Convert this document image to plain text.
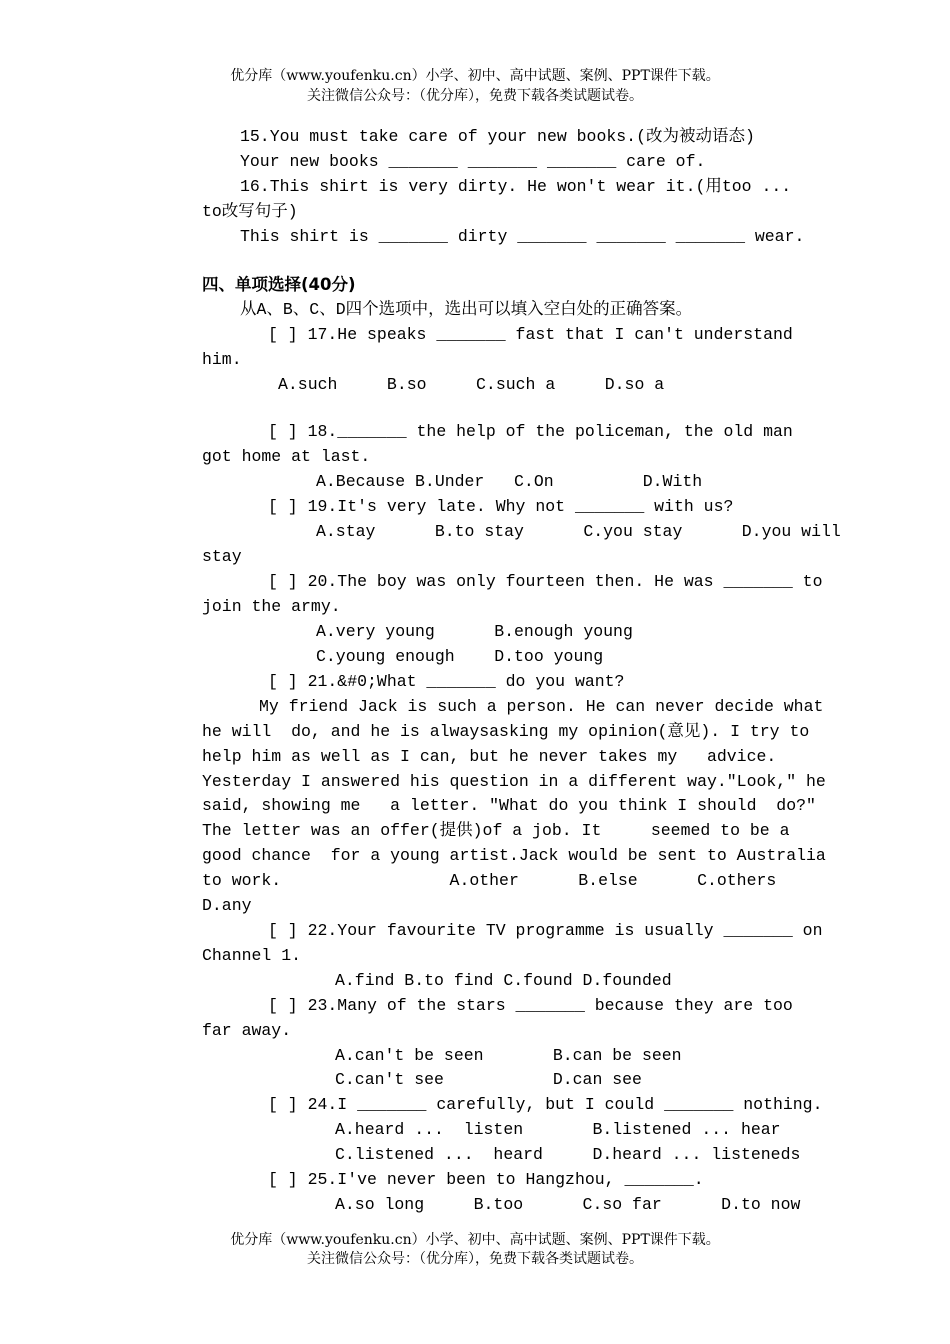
优分库（www.youfenku.cn）小学、初中、高中试题、案例、PPT课件下载。
关注微信公众号：（优分库），免费下载各类试题试卷。
15.You must take care of your new books.(改为被动语态)
Your new books _______ _______ _______ care of.
16.This shirt is very dirty. He won't wear it.(用too ...
to改写句子)
This shirt is _______ dirty _______ _______ _______ wear.
四、单项选择(40分)
从A、B、C、D四个选项中，选出可以填入空白处的正确答案。
[ ] 17.He speaks _______ fast that I can't understand
him.
A.such     B.so     C.such a     D.so a
[ ] 18._______ the help of the policeman, the old man
got home at last.
A.Because B.Under   C.On         D.With
[ ] 19.It's very late. Why not _______ with us?
A.stay      B.to stay      C.you stay      D.you will
stay
[ ] 20.The boy was only fourteen then. He was _______ to
join the army.
A.very young      B.enough young
C.young enough    D.too young
[ ] 21.&#0;What _______ do you want?
My friend Jack is such a person. He can never decide what
he will  do, and he is alwaysasking my opinion(意见). I try to
help him as well as I can, but he never takes my   advice.
Yesterday I answered his question in a different way."Look," he
said, showing me   a letter. "What do you think I should  do?"
The letter was an offer(提供)of a job. It     seemed to be a
good chance  for a young artist.Jack would be sent to Australia
to work.                 A.other      B.else      C.others
D.any
[ ] 22.Your favourite TV programme is usually _______ on
Channel 1.
A.find B.to find C.found D.founded
[ ] 23.Many of the stars _______ because they are too
far away.
A.can't be seen       B.can be seen
C.can't see           D.can see
[ ] 24.I _______ carefully, but I could _______ nothing.
A.heard ...  listen       B.listened ... hear
C.listened ...  heard     D.heard ... listeneds
[ ] 25.I've never been to Hangzhou, _______.
A.so long     B.too      C.so far      D.to now
优分库（www.youfenku.cn）小学、初中、高中试题、案例、PPT课件下载。
关注微信公众号：（优分库），免费下载各类试题试卷。
